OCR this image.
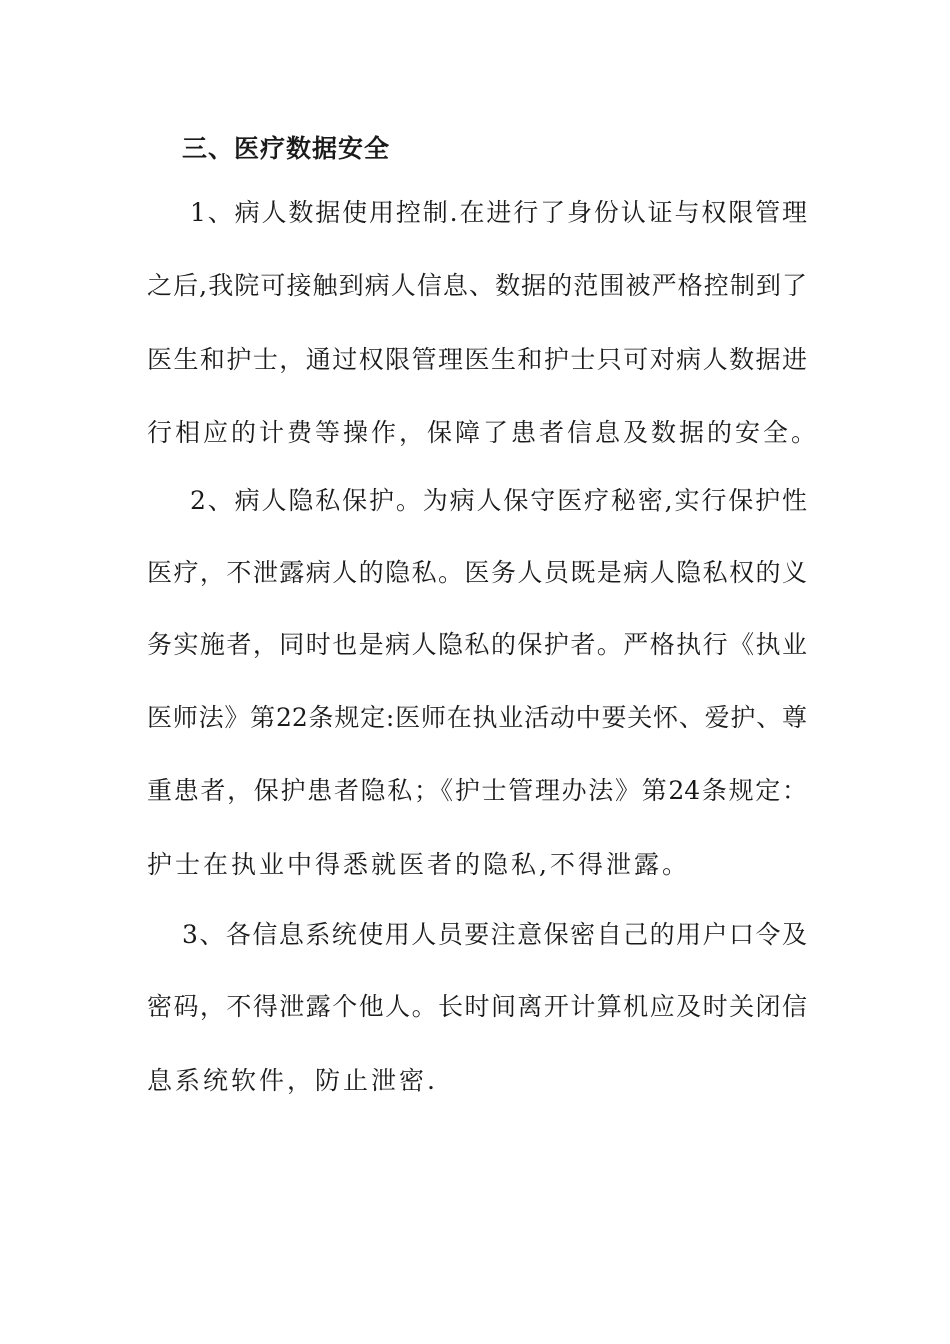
三、医疗数据安全
1、病人数据使用控制.在进行了身份认证与权限管理
之后,我院可接触到病人信息、数据的范围被严格控制到了
医生和护士，通过权限管理医生和护士只可对病人数据进
行相应的计费等操作，保障了患者信息及数据的安全。
2、病人隐私保护。为病人保守医疗秘密,实行保护性
医疗，不泄露病人的隐私。医务人员既是病人隐私权的义
务实施者，同时也是病人隐私的保护者。严格执行《执业
医师法》第22条规定:医师在执业活动中要关怀、爱护、尊
重患者，保护患者隐私；《护士管理办法》第24条规定：
护士在执业中得悉就医者的隐私,不得泄露。
3、各信息系统使用人员要注意保密自己的用户口令及
密码，不得泄露个他人。长时间离开计算机应及时关闭信
息系统软件，防止泄密.
